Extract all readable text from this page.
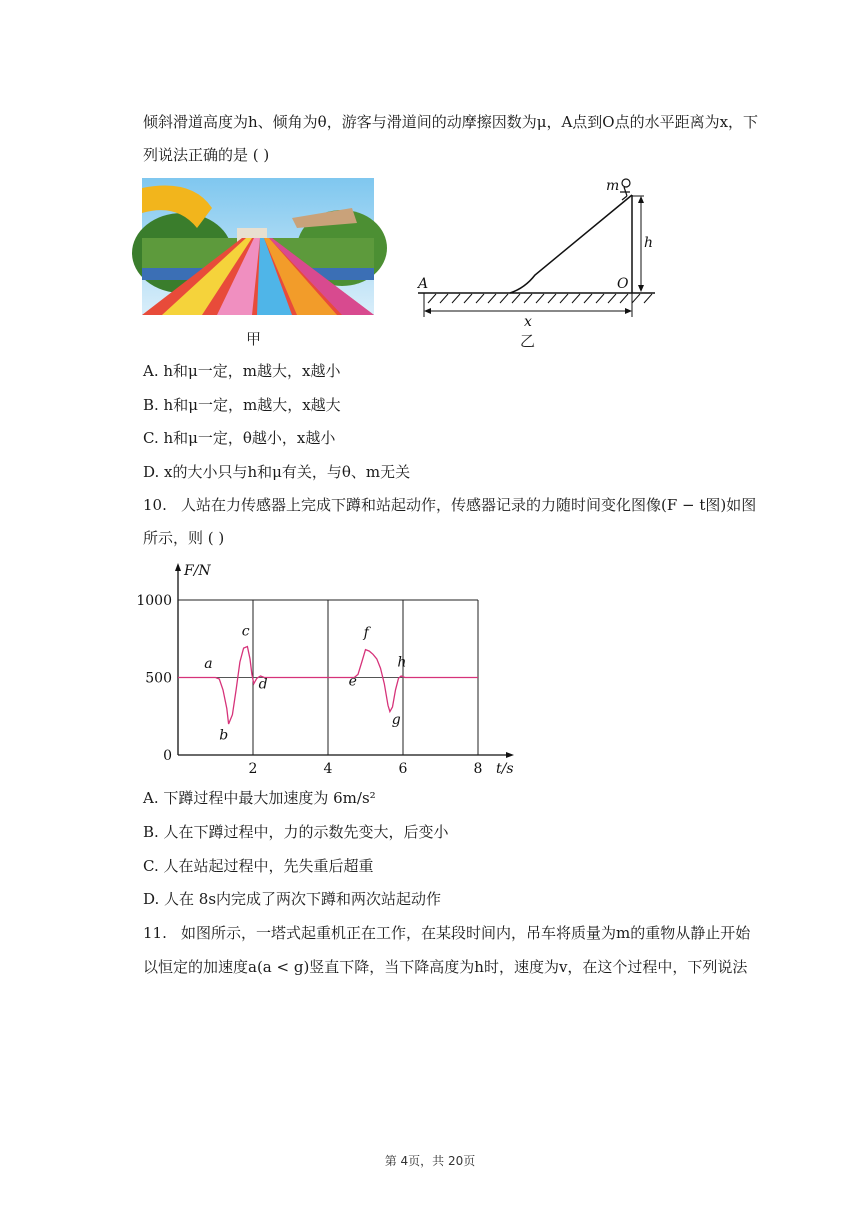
倾斜滑道高度为h、倾角为θ，游客与滑道间的动摩擦因数为μ，A点到O点的水平距离为x，下
列说法正确的是 ( )
甲
m
h
A	O
x
乙
A. h和μ一定，m越大，x越小
B. h和μ一定，m越大，x越大
C. h和μ一定，θ越小，x越小
D. x的大小只与h和μ有关，与θ、m无关
10. 人站在力传感器上完成下蹲和站起动作，传感器记录的力随时间变化图像(F − t图)如图
所示，则 ( )
2	4	6	8
0
500
1000
F/N
t/s
a
b
c
d	e
f
h
g
A. 下蹲过程中最大加速度为 6m/s²
B. 人在下蹲过程中，力的示数先变大，后变小
C. 人在站起过程中，先失重后超重
D. 人在 8s内完成了两次下蹲和两次站起动作
11. 如图所示，一塔式起重机正在工作，在某段时间内，吊车将质量为m的重物从静止开始
以恒定的加速度a(a < g)竖直下降，当下降高度为h时，速度为v，在这个过程中，下列说法
第 4页，共 20页
